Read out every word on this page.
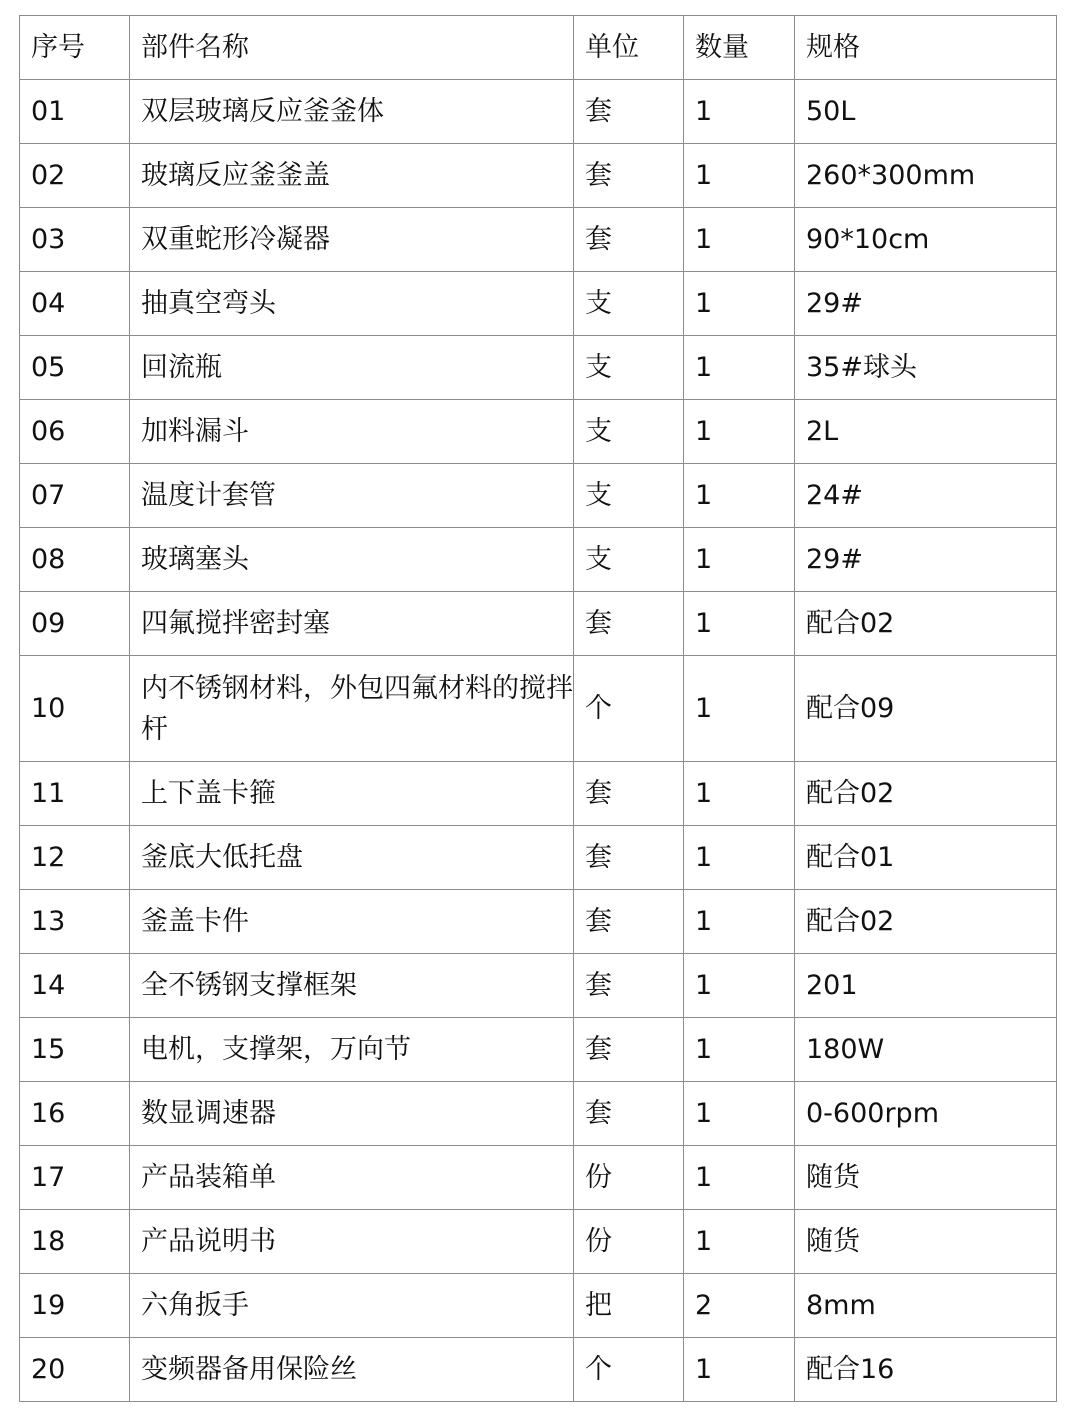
序号	部件名称	单位	数量	规格
01	双层玻璃反应釜釜体	套	1	50L
02	玻璃反应釜釜盖	套	1	260*300mm
03	双重蛇形冷凝器	套	1	90*10cm
04	抽真空弯头	支	1	29#
05	回流瓶	支	1	35#球头
06	加料漏斗	支	1	2L
07	温度计套管	支	1	24#
08	玻璃塞头	支	1	29#
09	四氟搅拌密封塞	套	1	配合02
10	内不锈钢材料，外包四氟材料的搅拌杆	个	1	配合09
11	上下盖卡箍	套	1	配合02
12	釜底大低托盘	套	1	配合01
13	釜盖卡件	套	1	配合02
14	全不锈钢支撑框架	套	1	201
15	电机，支撑架，万向节	套	1	180W
16	数显调速器	套	1	0-600rpm
17	产品装箱单	份	1	随货
18	产品说明书	份	1	随货
19	六角扳手	把	2	8mm
20	变频器备用保险丝	个	1	配合16
